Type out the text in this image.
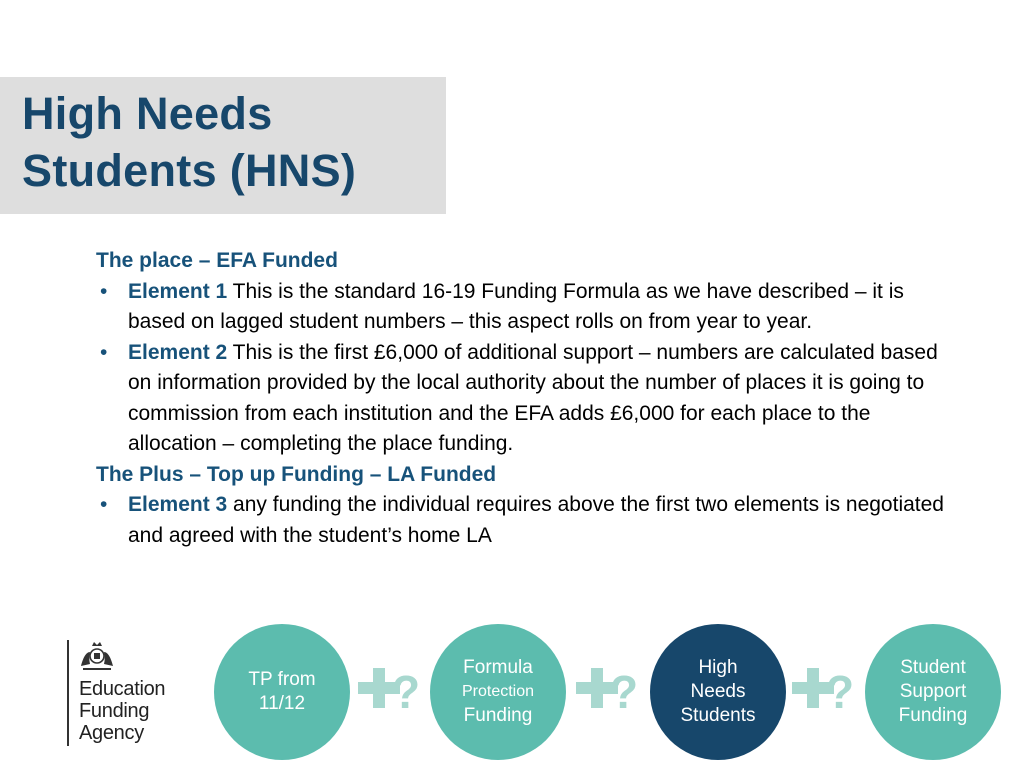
High Needs
Students (HNS)

The place – EFA Funded

• Element 1 This is the standard 16-19 Funding Formula as we have described – it is based on lagged student numbers – this aspect rolls on from year to year.

• Element 2 This is the first £6,000 of additional support – numbers are calculated based on information provided by the local authority about the number of places it is going to commission from each institution and the EFA adds £6,000 for each place to the allocation – completing the place funding.

The Plus – Top up Funding – LA Funded

• Element 3 any funding the individual requires above the first two elements is negotiated and agreed with the student’s home LA

Education
Funding
Agency
TP from
11/12 ? Formula
Protection
Funding ?	High
Needs
Students ? Student
Support
Funding
